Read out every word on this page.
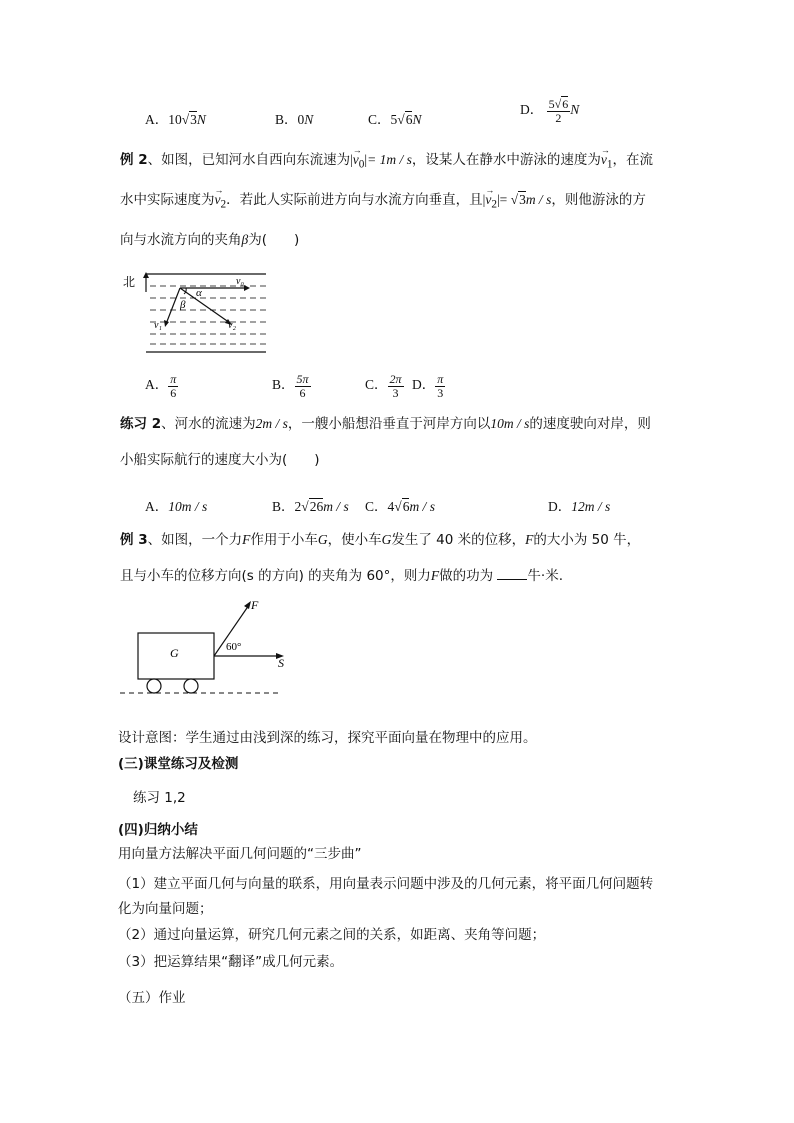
A．10√3N	B．0N	C．5√6N
D． $\frac{5√6}{2}$ N
例 2、如图，已知河水自西向东流速为|→ $v_0|= 1m / s$，设某人在静水中游泳的速度为→ $v_1$，在流
水中实际速度为→ $v_2$．若此人实际前进方向与水流方向垂直，且|→ $v_2|= √3m / s$，则他游泳的方
向与水流方向的夹角β为(　　)
北	v₀
v₁	v₂
α
β
A． $\frac{\pi}{6}$	B． $\frac{5\pi}{6}$	C． $\frac{2\pi}{3}$ D． $\frac{\pi}{3}$
练习 2、河水的流速为2m / s，一艘小船想沿垂直于河岸方向以10m / s的速度驶向对岸，则
小船实际航行的速度大小为(　　)
A．10m / s	B．2√26m / s C．4√6m / s	D．12m / s
例 3、如图，一个力F作用于小车G，使小车G发生了 40 米的位移，F的大小为 50 牛，
且与小车的位移方向(s 的方向) 的夹角为 60°，则力F做的功为	牛·米.
G
F
S
60°
设计意图：学生通过由浅到深的练习，探究平面向量在物理中的应用。
(三)课堂练习及检测
练习 1,2
(四)归纳小结
用向量方法解决平面几何问题的“三步曲”
（1）建立平面几何与向量的联系，用向量表示问题中涉及的几何元素，将平面几何问题转
化为向量问题；
（2）通过向量运算，研究几何元素之间的关系，如距离、夹角等问题；
（3）把运算结果“翻译”成几何元素。
（五）作业
